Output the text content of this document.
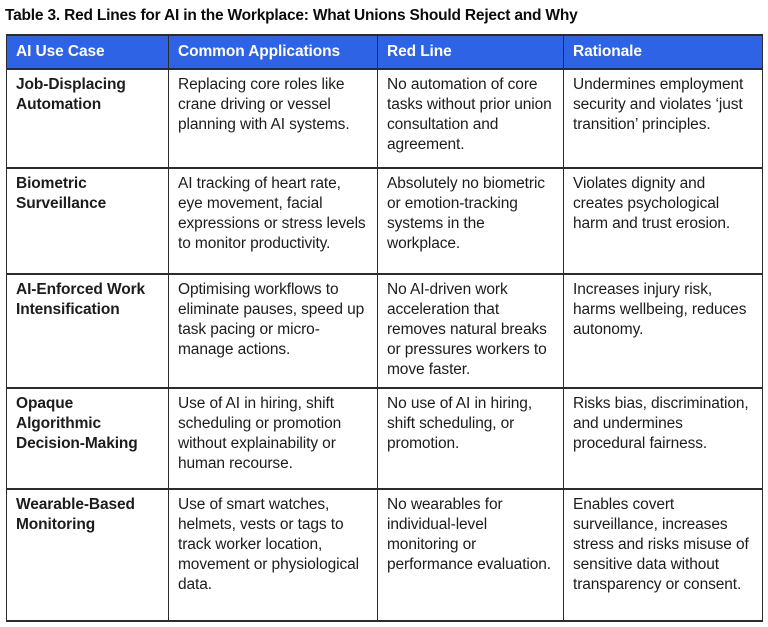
Table 3. Red Lines for AI in the Workplace: What Unions Should Reject and Why
AI Use Case	Common Applications	Red Line	Rationale
Job-Displacing Automation	Replacing core roles like crane driving or vessel planning with AI systems.	No automation of core tasks without prior union consultation and agreement.	Undermines employment security and violates ‘just transition’ principles.
Biometric Surveillance	AI tracking of heart rate, eye movement, facial expressions or stress levels to monitor productivity.	Absolutely no biometric or emotion-tracking systems in the workplace.	Violates dignity and creates psychological harm and trust erosion.
AI-Enforced Work Intensification	Optimising workflows to eliminate pauses, speed up task pacing or micro-manage actions.	No AI-driven work acceleration that removes natural breaks or pressures workers to move faster.	Increases injury risk, harms wellbeing, reduces autonomy.
Opaque Algorithmic Decision-Making	Use of AI in hiring, shift scheduling or promotion without explainability or human recourse.	No use of AI in hiring, shift scheduling, or promotion.	Risks bias, discrimination, and undermines procedural fairness.
Wearable-Based Monitoring	Use of smart watches, helmets, vests or tags to track worker location, movement or physiological data.	No wearables for individual-level monitoring or performance evaluation.	Enables covert surveillance, increases stress and risks misuse of sensitive data without transparency or consent.
